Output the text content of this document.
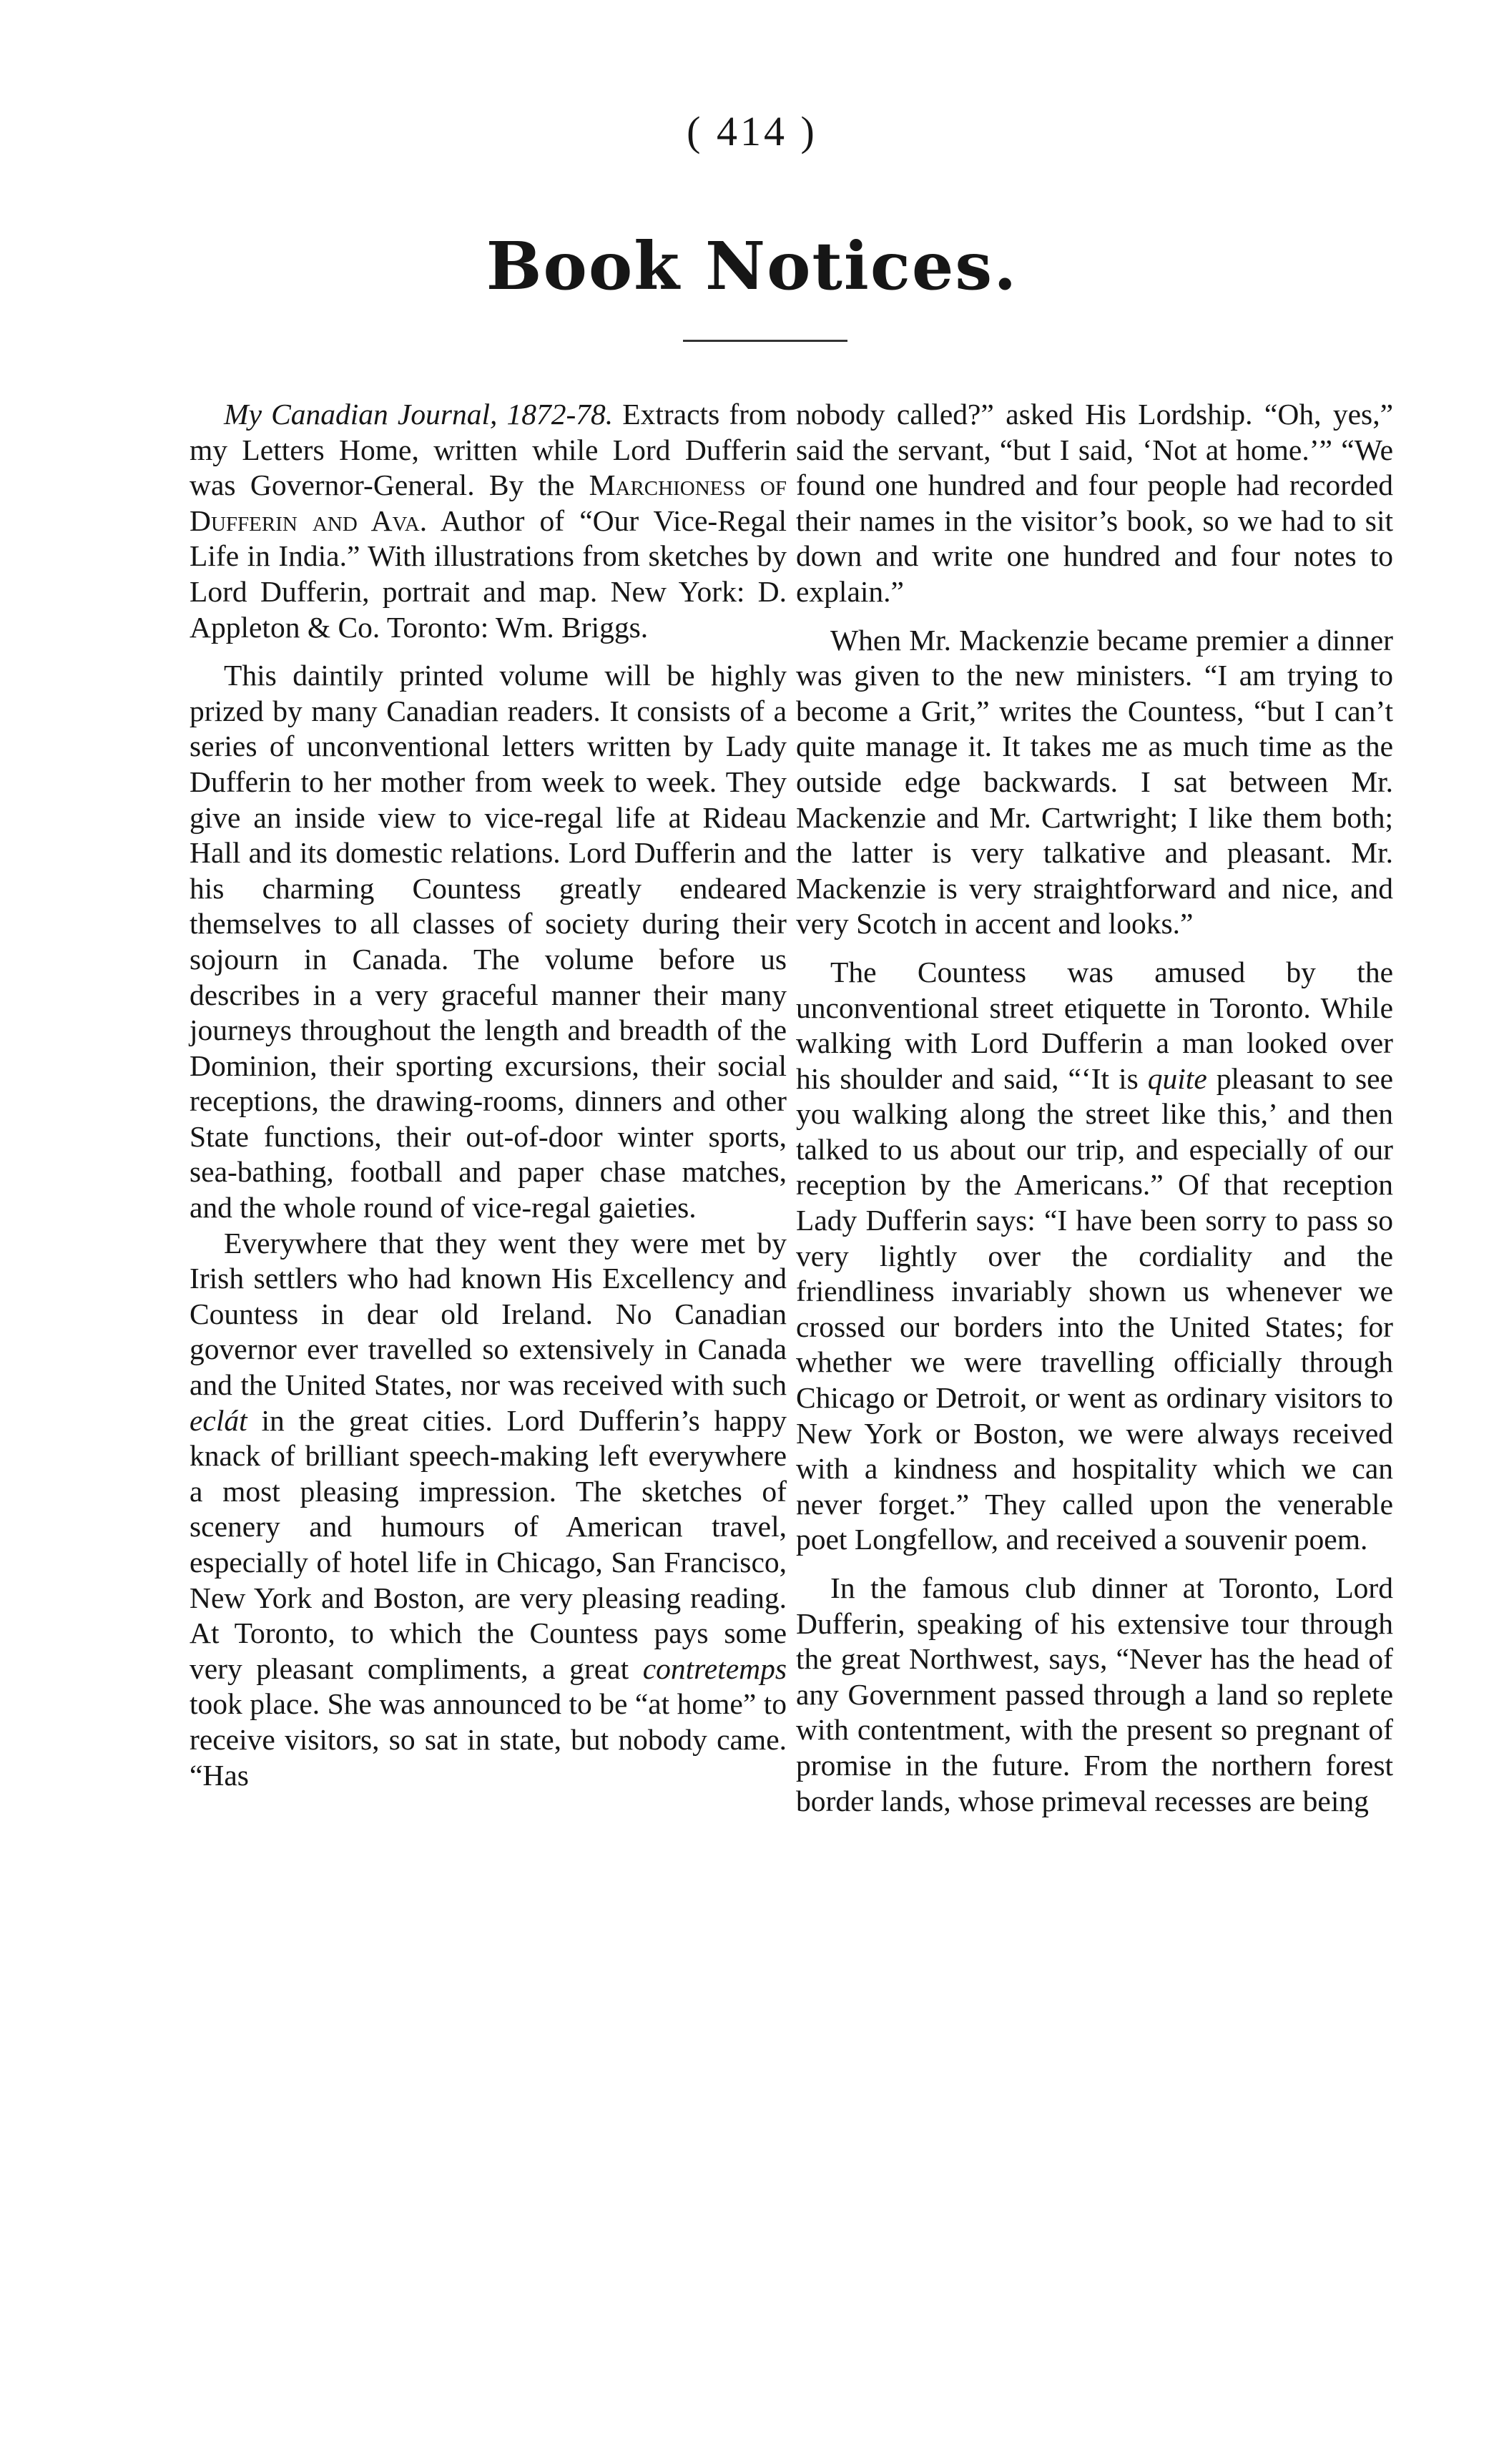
( 414 )
Book Notices.

My Canadian Journal, 1872-78. Extracts from my Letters Home, written while Lord Dufferin was Governor-General. By the Marchioness of Dufferin and Ava. Author of “Our Vice-Regal Life in India.” With illustrations from sketches by Lord Dufferin, portrait and map. New York: D. Appleton & Co. Toronto: Wm. Briggs.

This daintily printed volume will be highly prized by many Canadian readers. It consists of a series of unconventional letters written by Lady Dufferin to her mother from week to week. They give an inside view to vice-regal life at Rideau Hall and its domestic relations. Lord Dufferin and his charming Countess greatly endeared themselves to all classes of society during their sojourn in Canada. The volume before us describes in a very graceful manner their many journeys throughout the length and breadth of the Dominion, their sporting excursions, their social receptions, the drawing-rooms, dinners and other State functions, their out-of-door winter sports, sea-bathing, football and paper chase matches, and the whole round of vice-regal gaieties.

Everywhere that they went they were met by Irish settlers who had known His Excellency and Countess in dear old Ireland. No Canadian governor ever travelled so extensively in Canada and the United States, nor was received with such eclát in the great cities. Lord Dufferin’s happy knack of brilliant speech-making left everywhere a most pleasing impression. The sketches of scenery and humours of American travel, especially of hotel life in Chicago, San Francisco, New York and Boston, are very pleasing reading. At Toronto, to which the Countess pays some very pleasant compliments, a great contretemps took place. She was announced to be “at home” to receive visitors, so sat in state, but nobody came. “Has

nobody called?” asked His Lordship. “Oh, yes,” said the servant, “but I said, ‘Not at home.’” “We found one hundred and four people had recorded their names in the visitor’s book, so we had to sit down and write one hundred and four notes to explain.”

When Mr. Mackenzie became premier a dinner was given to the new ministers. “I am trying to become a Grit,” writes the Countess, “but I can’t quite manage it. It takes me as much time as the outside edge backwards. I sat between Mr. Mackenzie and Mr. Cartwright; I like them both; the latter is very talkative and pleasant. Mr. Mackenzie is very straightforward and nice, and very Scotch in accent and looks.”

The Countess was amused by the unconventional street etiquette in Toronto. While walking with Lord Dufferin a man looked over his shoulder and said, “‘It is quite pleasant to see you walking along the street like this,’ and then talked to us about our trip, and especially of our reception by the Americans.” Of that reception Lady Dufferin says: “I have been sorry to pass so very lightly over the cordiality and the friendliness invariably shown us whenever we crossed our borders into the United States; for whether we were travelling officially through Chicago or Detroit, or went as ordinary visitors to New York or Boston, we were always received with a kindness and hospitality which we can never forget.” They called upon the venerable poet Longfellow, and received a souvenir poem.

In the famous club dinner at Toronto, Lord Dufferin, speaking of his extensive tour through the great Northwest, says, “Never has the head of any Government passed through a land so replete with contentment, with the present so pregnant of promise in the future. From the northern forest border lands, whose primeval recesses are being
